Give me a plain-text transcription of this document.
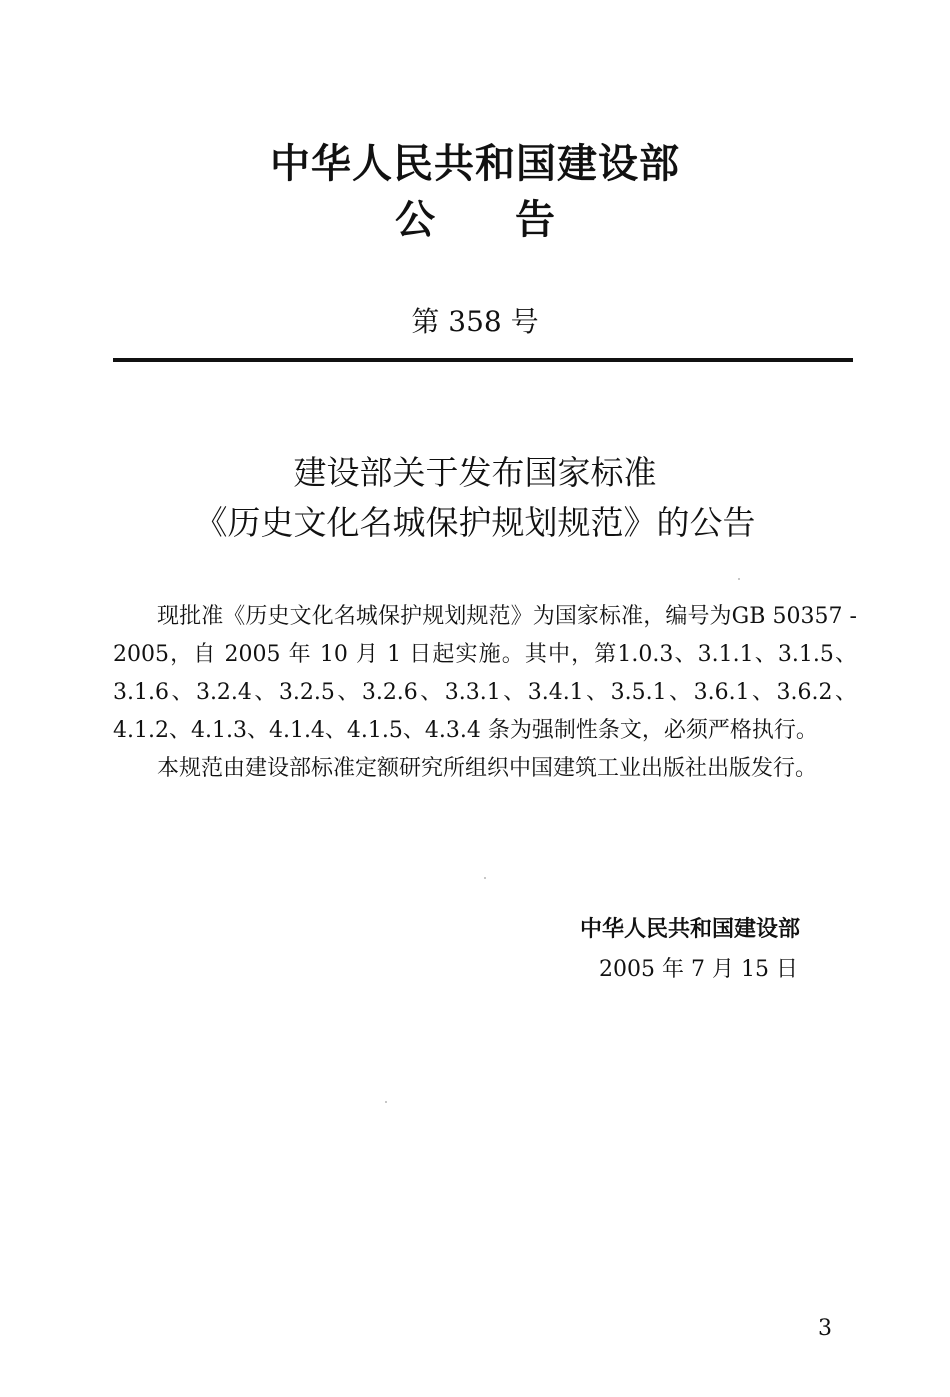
中华人民共和国建设部
公告
第 358 号
建设部关于发布国家标准
《历史文化名城保护规划规范》的公告

现批准《历史文化名城保护规划规范》为国家标准，编号为GB 50357 - 2005，自 2005 年 10 月 1 日起实施。其中，第1.0.3、3.1.1、3.1.5、3.1.6、3.2.4、3.2.5、3.2.6、3.3.1、3.4.1、3.5.1、3.6.1、3.6.2、4.1.2、4.1.3、4.1.4、4.1.5、4.3.4 条为强制性条文，必须严格执行。

本规范由建设部标准定额研究所组织中国建筑工业出版社出版发行。

中华人民共和国建设部
2005 年 7 月 15 日
3
